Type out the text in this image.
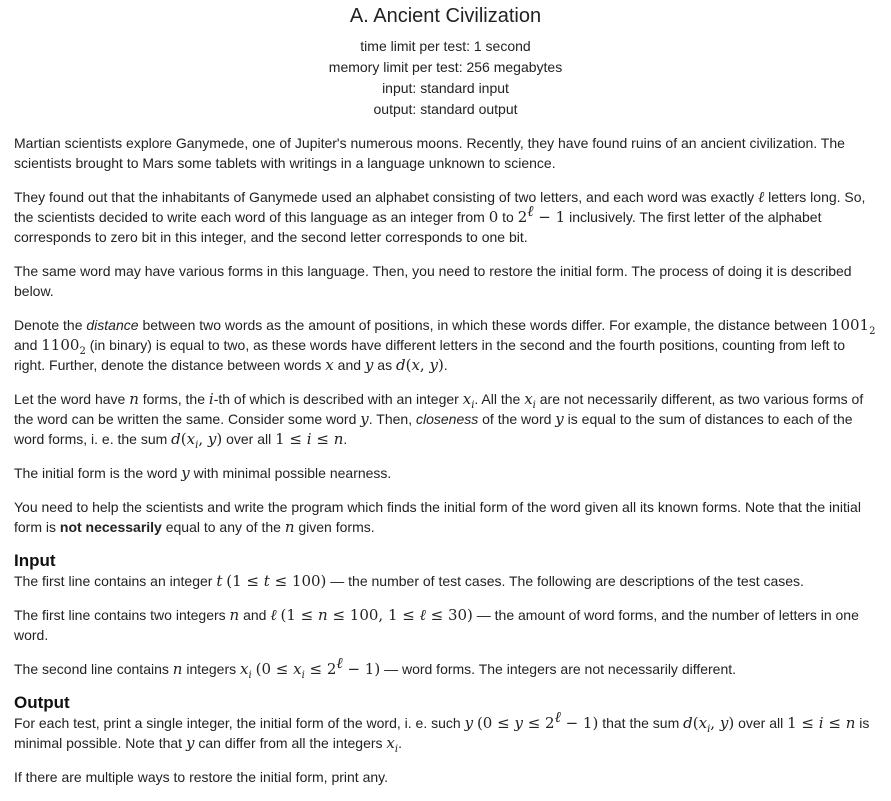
A. Ancient Civilization
time limit per test: 1 second
memory limit per test: 256 megabytes
input: standard input
output: standard output

Martian scientists explore Ganymede, one of Jupiter's numerous moons. Recently, they have found ruins of an ancient civilization. The scientists brought to Mars some tablets with writings in a language unknown to science.

They found out that the inhabitants of Ganymede used an alphabet consisting of two letters, and each word was exactly ℓ letters long. So, the scientists decided to write each word of this language as an integer from 0 to $2^\ell - 1$ inclusively. The first letter of the alphabet corresponds to zero bit in this integer, and the second letter corresponds to one bit.

The same word may have various forms in this language. Then, you need to restore the initial form. The process of doing it is described below.

Denote the distance between two words as the amount of positions, in which these words differ. For example, the distance between $1001_2$ and $1100_2$ (in binary) is equal to two, as these words have different letters in the second and the fourth positions, counting from left to right. Further, denote the distance between words x and y as d(x, y).

Let the word have n forms, the i-th of which is described with an integer $x_i$. All the $x_i$ are not necessarily different, as two various forms of the word can be written the same. Consider some word y. Then, closeness of the word y is equal to the sum of distances to each of the word forms, i. e. the sum $d(x_i$, y) over all 1 ≤ i ≤ n.

The initial form is the word y with minimal possible nearness.

You need to help the scientists and write the program which finds the initial form of the word given all its known forms. Note that the initial form is not necessarily equal to any of the n given forms.

Input

The first line contains an integer t (1 ≤ t ≤ 100) — the number of test cases. The following are descriptions of the test cases.

The first line contains two integers n and ℓ (1 ≤ n ≤ 100, 1 ≤ ℓ ≤ 30) — the amount of word forms, and the number of letters in one word.

The second line contains n integers $x_i$ $(0 \le x_i \le 2^\ell - 1)$ — word forms. The integers are not necessarily different.

Output

For each test, print a single integer, the initial form of the word, i. e. such y $(0 \le y \le 2^\ell - 1)$ that the sum $d(x_i$, y) over all 1 ≤ i ≤ n is minimal possible. Note that y can differ from all the integers $x_i$.

If there are multiple ways to restore the initial form, print any.
